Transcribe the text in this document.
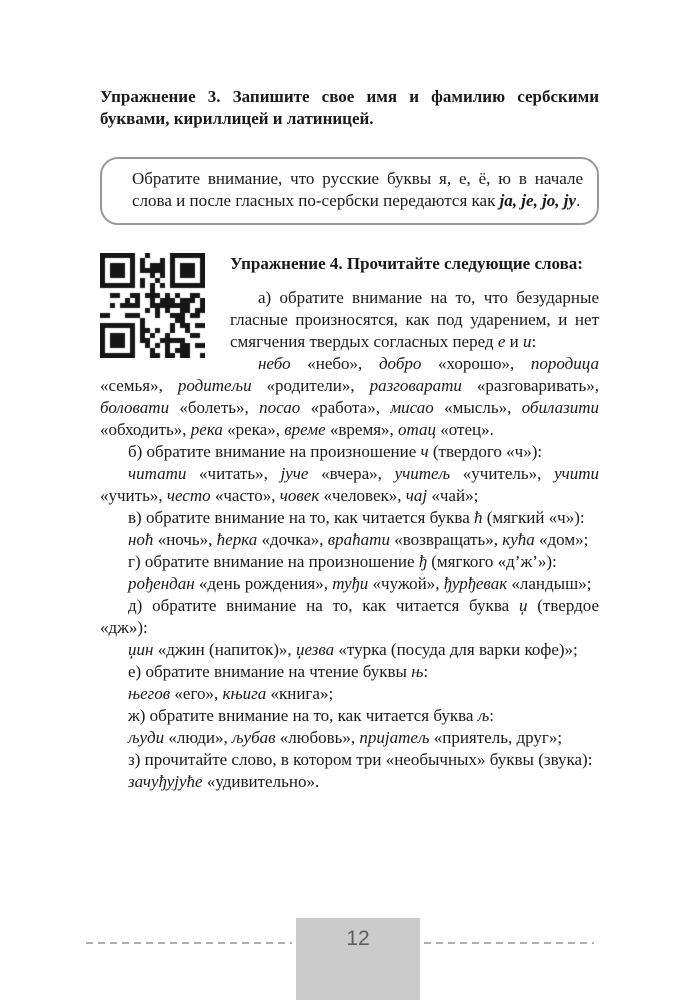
Упражнение 3. Запишите свое имя и фамилию сербскими буквами, кириллицей и латиницей.

Обратите внимание, что русские буквы я, е, ё, ю в начале слова и после гласных по-сербски передаются как ja, je, jo, jy.

Упражнение 4. Прочитайте следующие слова:

а) обратите внимание на то, что безударные гласные произносятся, как под ударением, и нет смягчения твердых согласных перед е и и:

небо «небо», добро «хорошо», породица «семья», родитељи «родители», разговарати «разговаривать», боловати «болеть», посао «работа», мисао «мысль», обилазити «обходить», река «река», време «время», отац «отец».

б) обратите внимание на произношение ч (твердого «ч»):

читати «читать», јуче «вчера», учитељ «учитель», учити «учить», често «часто», човек «человек», чај «чай»;

в) обратите внимание на то, как читается буква ћ (мягкий «ч»):

ноћ «ночь», ћерка «дочка», враћати «возвращать», кућа «дом»;

г) обратите внимание на произношение ђ (мягкого «д’ж’»):

рођендан «день рождения», туђи «чужой», ђурђевак «ландыш»;

д) обратите внимание на то, как читается буква џ (твердое «дж»):

џин «джин (напиток)», џезва «турка (посуда для варки кофе)»;

е) обратите внимание на чтение буквы њ:

његов «его», књига «книга»;

ж) обратите внимание на то, как читается буква љ:

људи «люди», љубав «любовь», пријатељ «приятель, друг»;

з) прочитайте слово, в котором три «необычных» буквы (звука):

зачуђујуће «удивительно».

12
